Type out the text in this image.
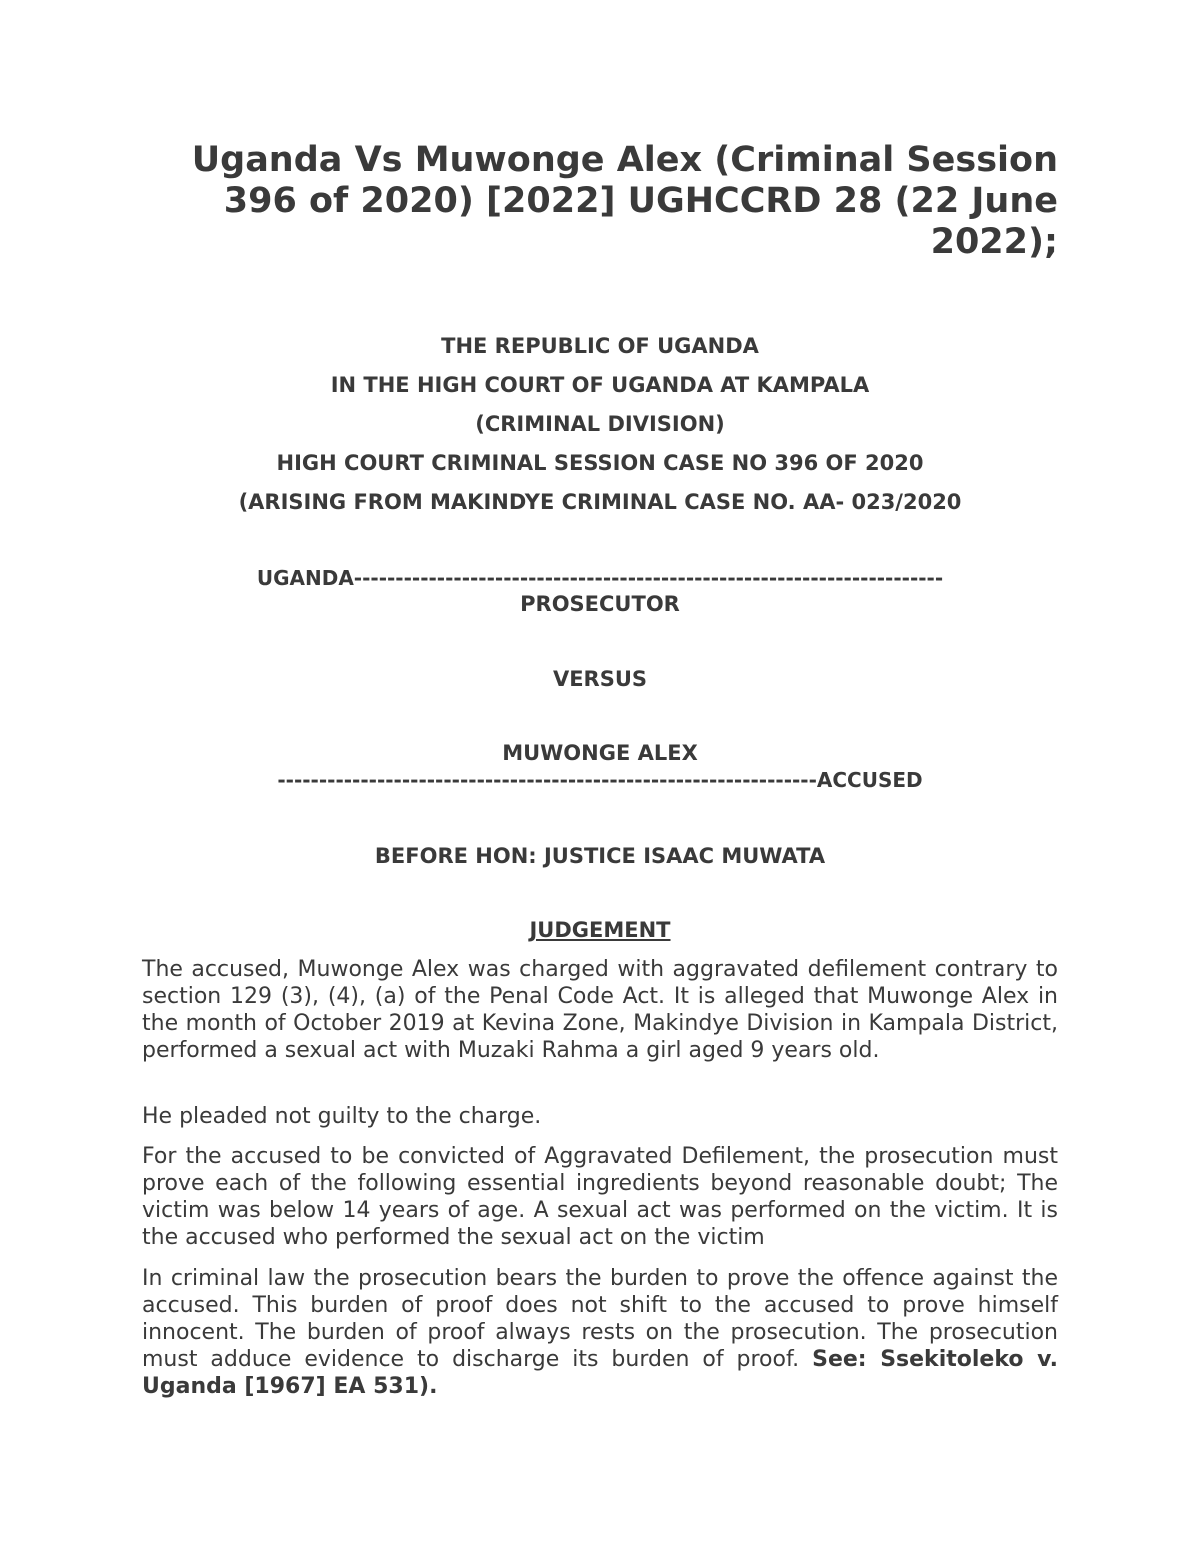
Uganda Vs Muwonge Alex (Criminal Session 396 of 2020) [2022] UGHCCRD 28 (22 June 2022);

THE REPUBLIC OF UGANDA

IN THE HIGH COURT OF UGANDA AT KAMPALA

(CRIMINAL DIVISION)

HIGH COURT CRIMINAL SESSION CASE NO 396 OF 2020

(ARISING FROM MAKINDYE CRIMINAL CASE NO. AA- 023/2020

UGANDA-----------------------------------------------------------------------

PROSECUTOR

VERSUS

MUWONGE ALEX

-----------------------------------------------------------------ACCUSED

BEFORE HON: JUSTICE ISAAC MUWATA

JUDGEMENT

The accused, Muwonge Alex was charged with aggravated defilement contrary to section 129 (3), (4), (a) of the Penal Code Act. It is alleged that Muwonge Alex in the month of October 2019 at Kevina Zone, Makindye Division in Kampala District, performed a sexual act with Muzaki Rahma a girl aged 9 years old.

He pleaded not guilty to the charge.

For the accused to be convicted of Aggravated Defilement, the prosecution must prove each of the following essential ingredients beyond reasonable doubt; The victim was below 14 years of age. A sexual act was performed on the victim. It is the accused who performed the sexual act on the victim

In criminal law the prosecution bears the burden to prove the offence against the accused. This burden of proof does not shift to the accused to prove himself innocent. The burden of proof always rests on the prosecution. The prosecution must adduce evidence to discharge its burden of proof. See: Ssekitoleko v. Uganda [1967] EA 531).
